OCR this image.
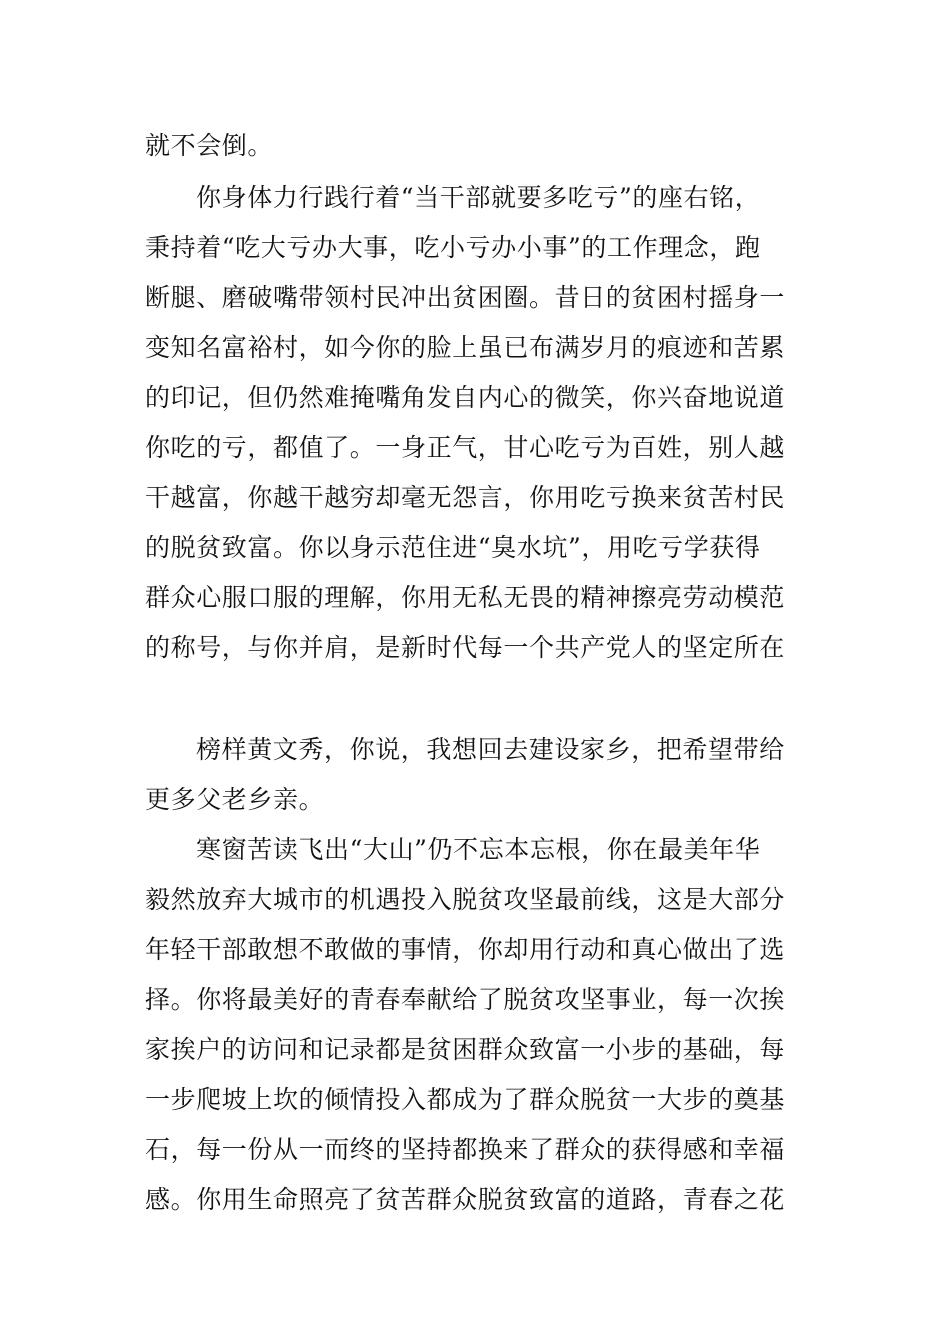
就不会倒。
你身体力行践行着“当干部就要多吃亏”的座右铭，
秉持着“吃大亏办大事，吃小亏办小事”的工作理念，跑
断腿、磨破嘴带领村民冲出贫困圈。昔日的贫困村摇身一
变知名富裕村，如今你的脸上虽已布满岁月的痕迹和苦累
的印记，但仍然难掩嘴角发自内心的微笑，你兴奋地说道
你吃的亏，都值了。一身正气，甘心吃亏为百姓，别人越
干越富，你越干越穷却毫无怨言，你用吃亏换来贫苦村民
的脱贫致富。你以身示范住进“臭水坑”，用吃亏学获得
群众心服口服的理解，你用无私无畏的精神擦亮劳动模范
的称号，与你并肩，是新时代每一个共产党人的坚定所在
榜样黄文秀，你说，我想回去建设家乡，把希望带给
更多父老乡亲。
寒窗苦读飞出“大山”仍不忘本忘根，你在最美年华
毅然放弃大城市的机遇投入脱贫攻坚最前线，这是大部分
年轻干部敢想不敢做的事情，你却用行动和真心做出了选
择。你将最美好的青春奉献给了脱贫攻坚事业，每一次挨
家挨户的访问和记录都是贫困群众致富一小步的基础，每
一步爬坡上坎的倾情投入都成为了群众脱贫一大步的奠基
石，每一份从一而终的坚持都换来了群众的获得感和幸福
感。你用生命照亮了贫苦群众脱贫致富的道路，青春之花
